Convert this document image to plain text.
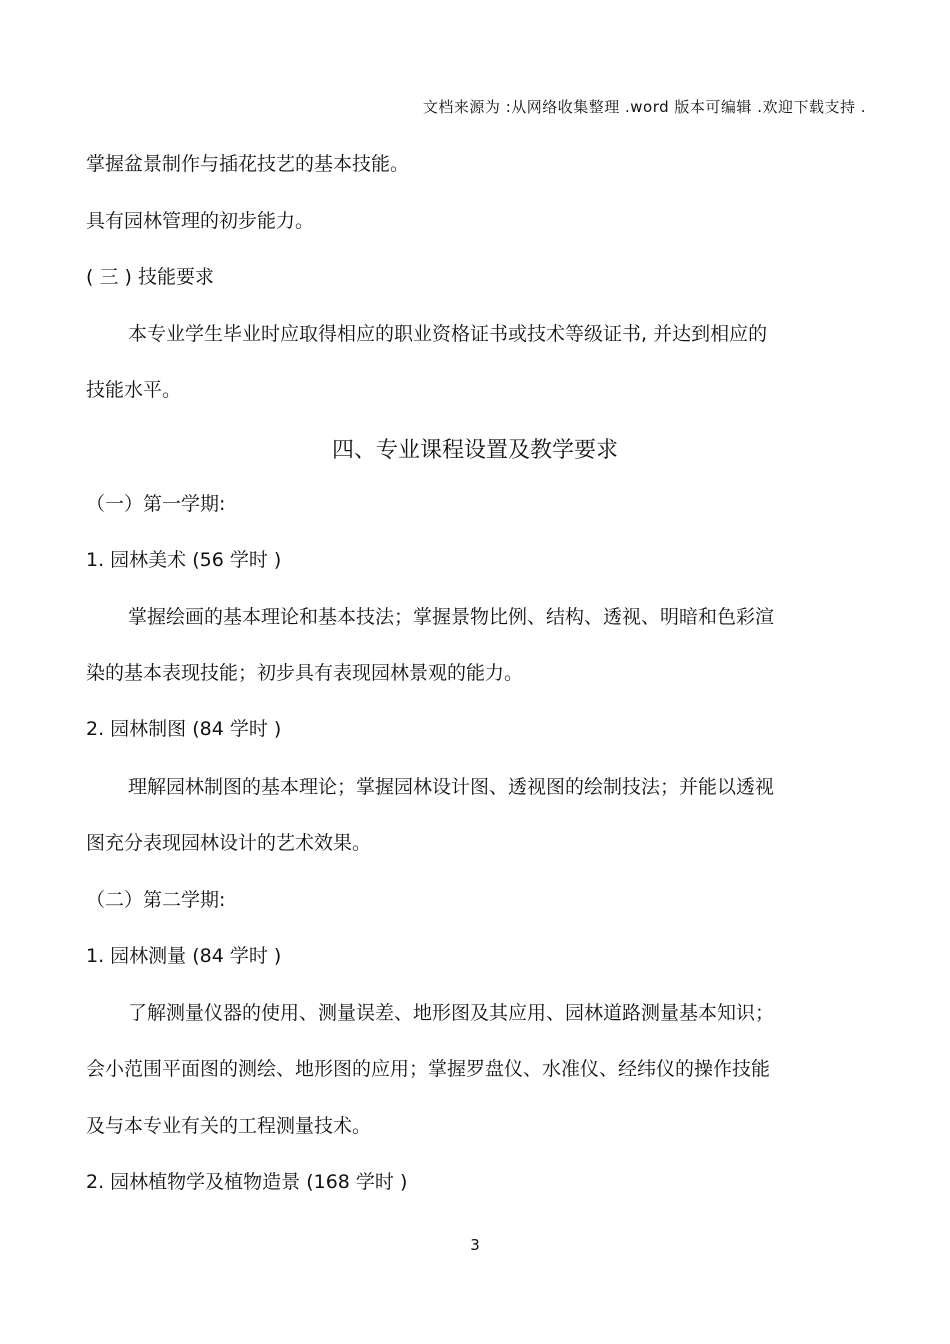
文档来源为 :从网络收集整理 .word 版本可编辑 .欢迎下载支持 .
掌握盆景制作与插花技艺的基本技能。
具有园林管理的初步能力。
( 三 ) 技能要求
本专业学生毕业时应取得相应的职业资格证书或技术等级证书, 并达到相应的
技能水平。
四、专业课程设置及教学要求
（一）第一学期:
1. 园林美术 (56 学时 )
掌握绘画的基本理论和基本技法；掌握景物比例、结构、透视、明暗和色彩渲
染的基本表现技能；初步具有表现园林景观的能力。
2. 园林制图 (84 学时 )
理解园林制图的基本理论；掌握园林设计图、透视图的绘制技法；并能以透视
图充分表现园林设计的艺术效果。
（二）第二学期:
1. 园林测量 (84 学时 )
了解测量仪器的使用、测量误差、地形图及其应用、园林道路测量基本知识；
会小范围平面图的测绘、地形图的应用；掌握罗盘仪、水准仪、经纬仪的操作技能
及与本专业有关的工程测量技术。
2. 园林植物学及植物造景 (168 学时 )
3
